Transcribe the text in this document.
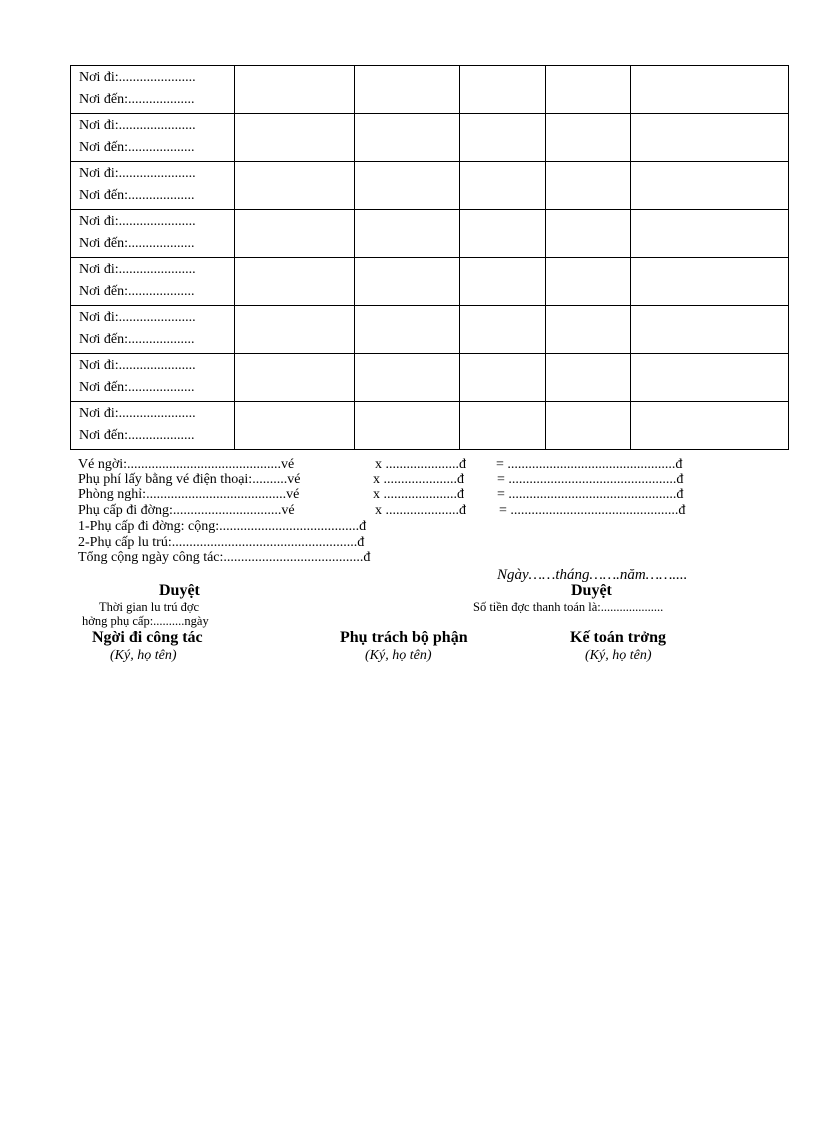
Nơi đi:......................
Nơi đến:...................					

Nơi đi:......................
Nơi đến:...................					

Nơi đi:......................
Nơi đến:...................					

Nơi đi:......................
Nơi đến:...................					

Nơi đi:......................
Nơi đến:...................					

Nơi đi:......................
Nơi đến:...................					

Nơi đi:......................
Nơi đến:...................					

Nơi đi:......................
Nơi đến:...................					

Vé ngời:............................................vé	x .....................đ = ................................................đ
Phụ phí lấy bằng vé điện thoại:..........vé	x .....................đ = ................................................đ
Phòng nghỉ:........................................vé	x .....................đ = ................................................đ
Phụ cấp đi đờng:...............................vé	x .....................đ = ................................................đ
1-Phụ cấp đi đờng: cộng:........................................đ
2-Phụ cấp lu trú:.....................................................đ
Tổng cộng ngày công tác:........................................đ
Ngày……tháng…….năm……....
Duyệt
Thời gian lu trú đợc
hởng phụ cấp:..........ngày
Duyệt
Số tiền đợc thanh toán là:....................
Ngời đi công tác
(Ký, họ tên)
Phụ trách bộ phận
(Ký, họ tên)
Kế toán trởng
(Ký, họ tên)
